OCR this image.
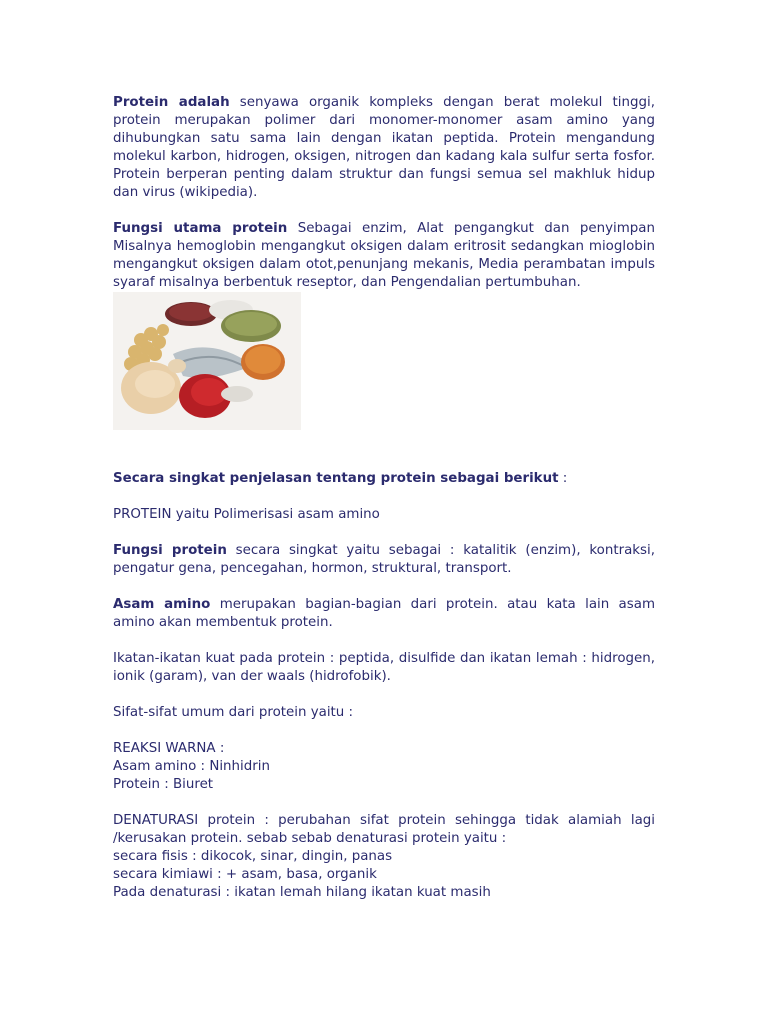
Protein adalah senyawa organik kompleks dengan berat molekul tinggi, protein merupakan polimer dari monomer-monomer asam amino yang dihubungkan satu sama lain dengan ikatan peptida. Protein mengandung molekul karbon, hidrogen, oksigen, nitrogen dan kadang kala sulfur serta fosfor. Protein berperan penting dalam struktur dan fungsi semua sel makhluk hidup dan virus (wikipedia).

Fungsi utama protein Sebagai enzim, Alat pengangkut dan penyimpan Misalnya hemoglobin mengangkut oksigen dalam eritrosit sedangkan mioglobin mengangkut oksigen dalam otot,penunjang mekanis, Media perambatan impuls syaraf misalnya berbentuk reseptor, dan Pengendalian pertumbuhan.

Secara singkat penjelasan tentang protein sebagai berikut :

PROTEIN yaitu Polimerisasi asam amino

Fungsi protein secara singkat yaitu sebagai : katalitik (enzim), kontraksi, pengatur gena, pencegahan, hormon, struktural, transport.

Asam amino merupakan bagian-bagian dari protein. atau kata lain asam amino akan membentuk protein.

Ikatan-ikatan kuat pada protein : peptida, disulfide dan ikatan lemah : hidrogen, ionik (garam), van der waals (hidrofobik).

Sifat-sifat umum dari protein yaitu :

REAKSI WARNA :

Asam amino : Ninhidrin

Protein : Biuret

DENATURASI protein : perubahan sifat protein sehingga tidak alamiah lagi /kerusakan protein. sebab sebab denaturasi protein yaitu :

secara fisis : dikocok, sinar, dingin, panas

secara kimiawi : + asam, basa, organik

Pada denaturasi : ikatan lemah hilang ikatan kuat masih
